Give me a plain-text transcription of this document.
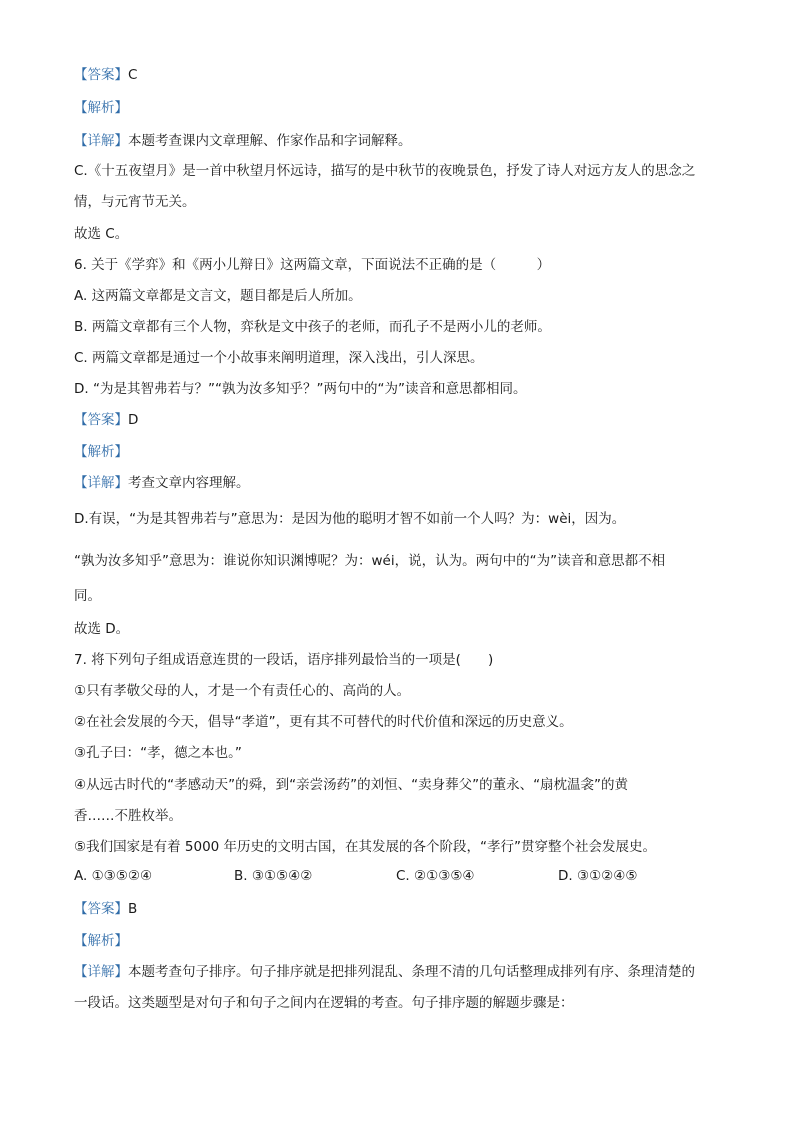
【答案】C
【解析】
【详解】本题考查课内文章理解、作家作品和字词解释。
C.《十五夜望月》是一首中秋望月怀远诗，描写的是中秋节的夜晚景色，抒发了诗人对远方友人的思念之
情，与元宵节无关。
故选 C。
6. 关于《学弈》和《两小儿辩日》这两篇文章，下面说法不正确的是（　　　）
A. 这两篇文章都是文言文，题目都是后人所加。
B. 两篇文章都有三个人物，弈秋是文中孩子的老师，而孔子不是两小儿的老师。
C. 两篇文章都是通过一个小故事来阐明道理，深入浅出，引人深思。
D. “为是其智弗若与？”“孰为汝多知乎？”两句中的“为”读音和意思都相同。
【答案】D
【解析】
【详解】考查文章内容理解。
D.有误，“为是其智弗若与”意思为：是因为他的聪明才智不如前一个人吗？为：wèi，因为。
“孰为汝多知乎”意思为：谁说你知识渊博呢？为：wéi，说，认为。两句中的“为”读音和意思都不相
同。
故选 D。
7. 将下列句子组成语意连贯的一段话，语序排列最恰当的一项是(　　)
①只有孝敬父母的人，才是一个有责任心的、高尚的人。
②在社会发展的今天，倡导“孝道”，更有其不可替代的时代价值和深远的历史意义。
③孔子曰：“孝，德之本也。”
④从远古时代的“孝感动天”的舜，到“亲尝汤药”的刘恒、“卖身葬父”的董永、“扇枕温衾”的黄
香……不胜枚举。
⑤我们国家是有着 5000 年历史的文明古国，在其发展的各个阶段，“孝行”贯穿整个社会发展史。
A. ①③⑤②④	B. ③①⑤④②	C. ②①③⑤④	D. ③①②④⑤
【答案】B
【解析】
【详解】本题考查句子排序。句子排序就是把排列混乱、条理不清的几句话整理成排列有序、条理清楚的
一段话。这类题型是对句子和句子之间内在逻辑的考查。句子排序题的解题步骤是：
